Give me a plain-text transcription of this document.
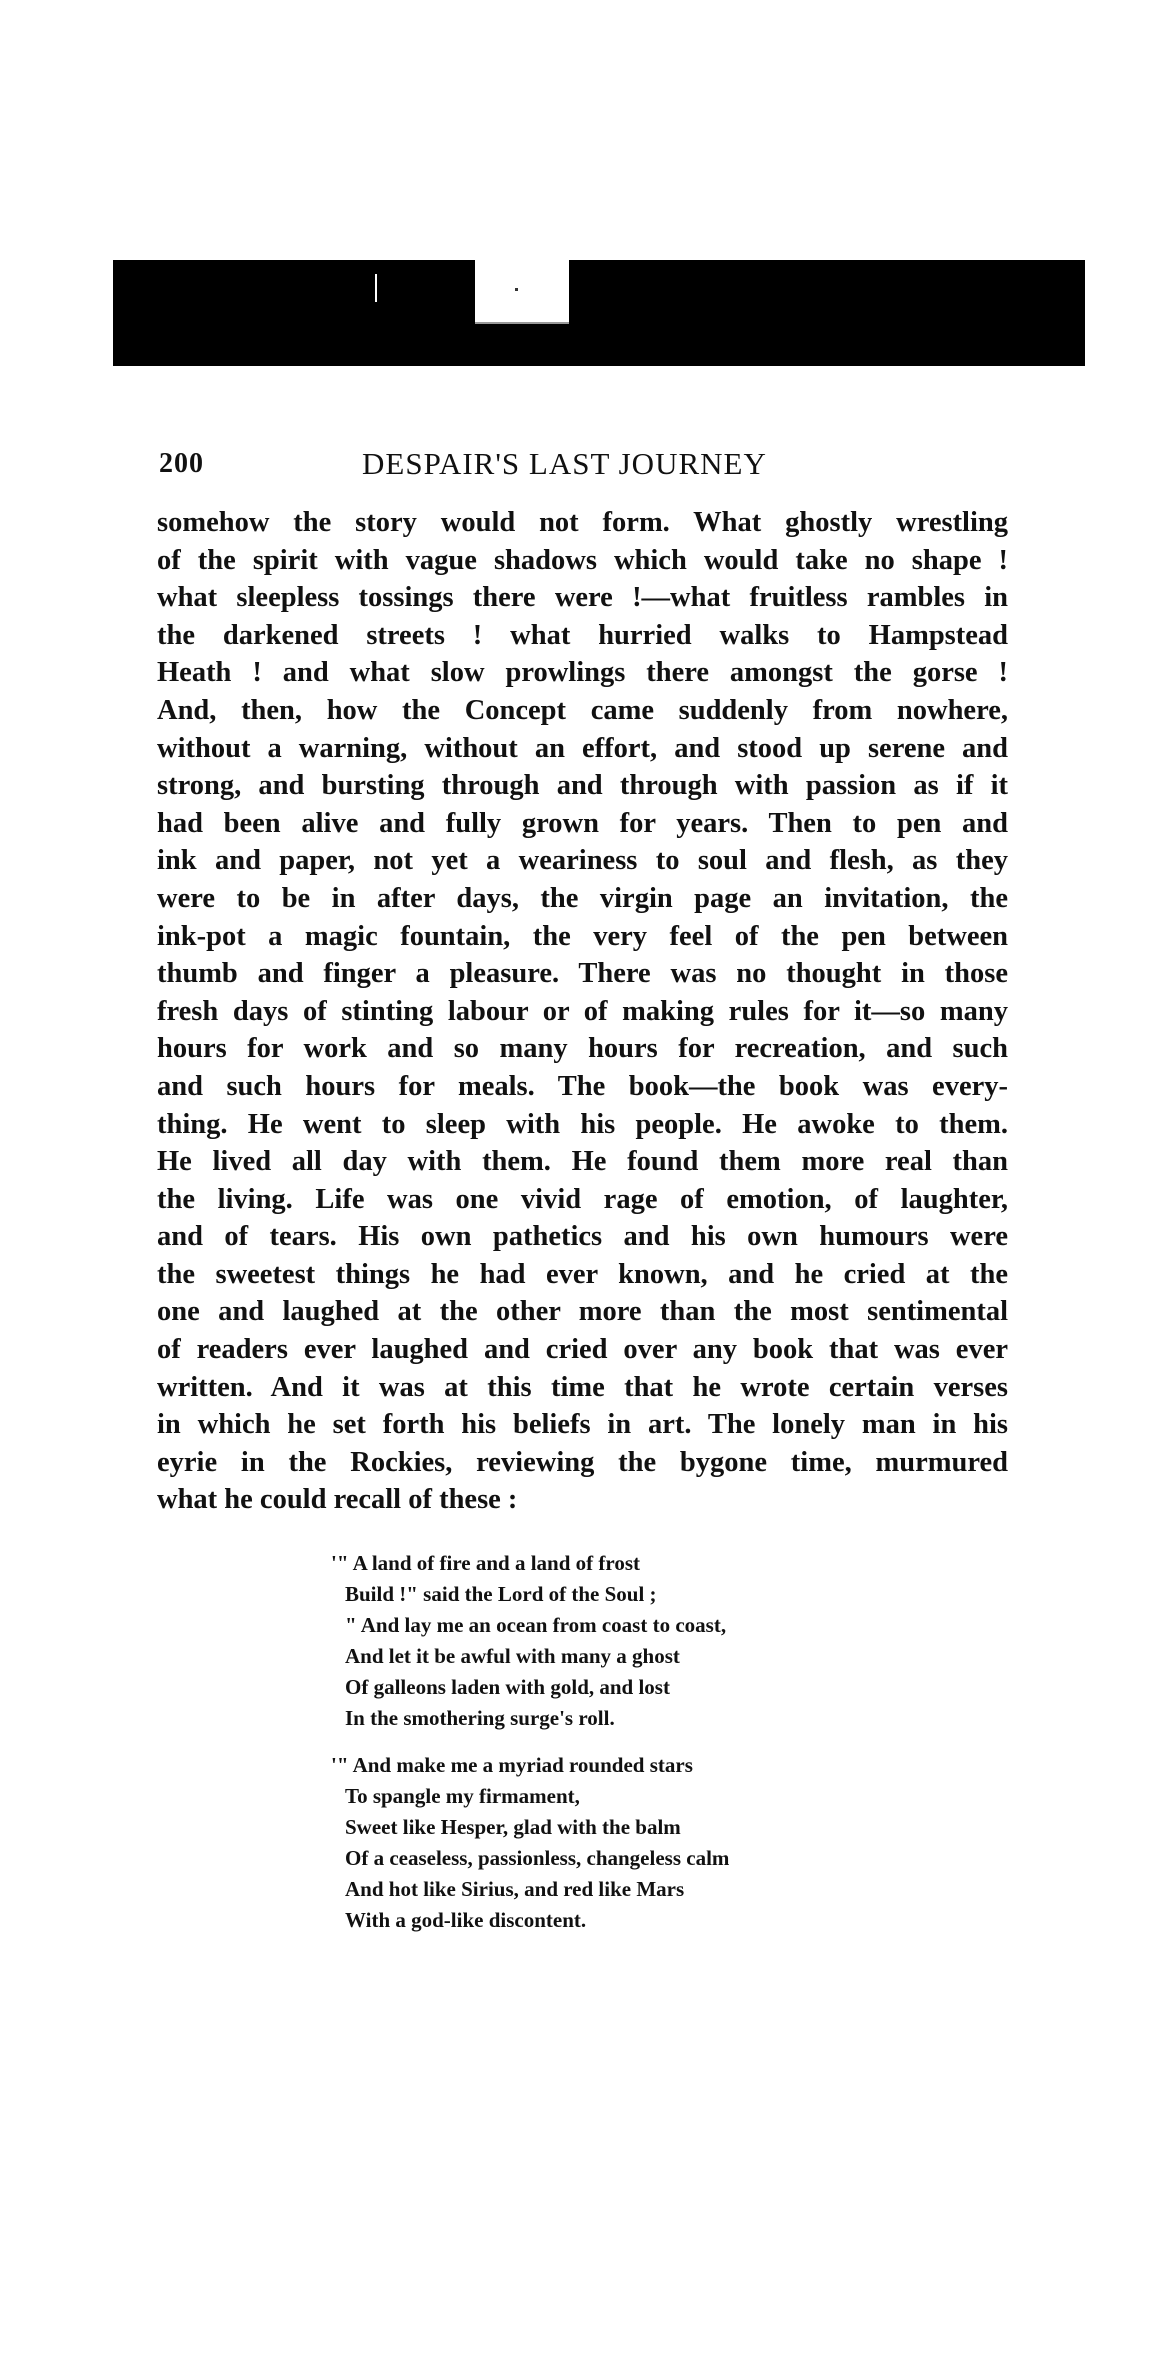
200	DESPAIR'S LAST JOURNEY
somehow the story would not form. What ghostly wrestling
of the spirit with vague shadows which would take no shape !
what sleepless tossings there were !—what fruitless rambles in
the darkened streets ! what hurried walks to Hampstead
Heath ! and what slow prowlings there amongst the gorse !
And, then, how the Concept came suddenly from nowhere,
without a warning, without an effort, and stood up serene and
strong, and bursting through and through with passion as if it
had been alive and fully grown for years. Then to pen and
ink and paper, not yet a weariness to soul and flesh, as they
were to be in after days, the virgin page an invitation, the
ink-pot a magic fountain, the very feel of the pen between
thumb and finger a pleasure. There was no thought in those
fresh days of stinting labour or of making rules for it—so many
hours for work and so many hours for recreation, and such
and such hours for meals. The book—the book was every-
thing. He went to sleep with his people. He awoke to them.
He lived all day with them. He found them more real than
the living. Life was one vivid rage of emotion, of laughter,
and of tears. His own pathetics and his own humours were
the sweetest things he had ever known, and he cried at the
one and laughed at the other more than the most sentimental
of readers ever laughed and cried over any book that was ever
written. And it was at this time that he wrote certain verses
in which he set forth his beliefs in art. The lonely man in his
eyrie in the Rockies, reviewing the bygone time, murmured
what he could recall of these :
'" A land of fire and a land of frost
Build !" said the Lord of the Soul ;
" And lay me an ocean from coast to coast,
And let it be awful with many a ghost
Of galleons laden with gold, and lost
In the smothering surge's roll.
'" And make me a myriad rounded stars
To spangle my firmament,
Sweet like Hesper, glad with the balm
Of a ceaseless, passionless, changeless calm
And hot like Sirius, and red like Mars
With a god-like discontent.
